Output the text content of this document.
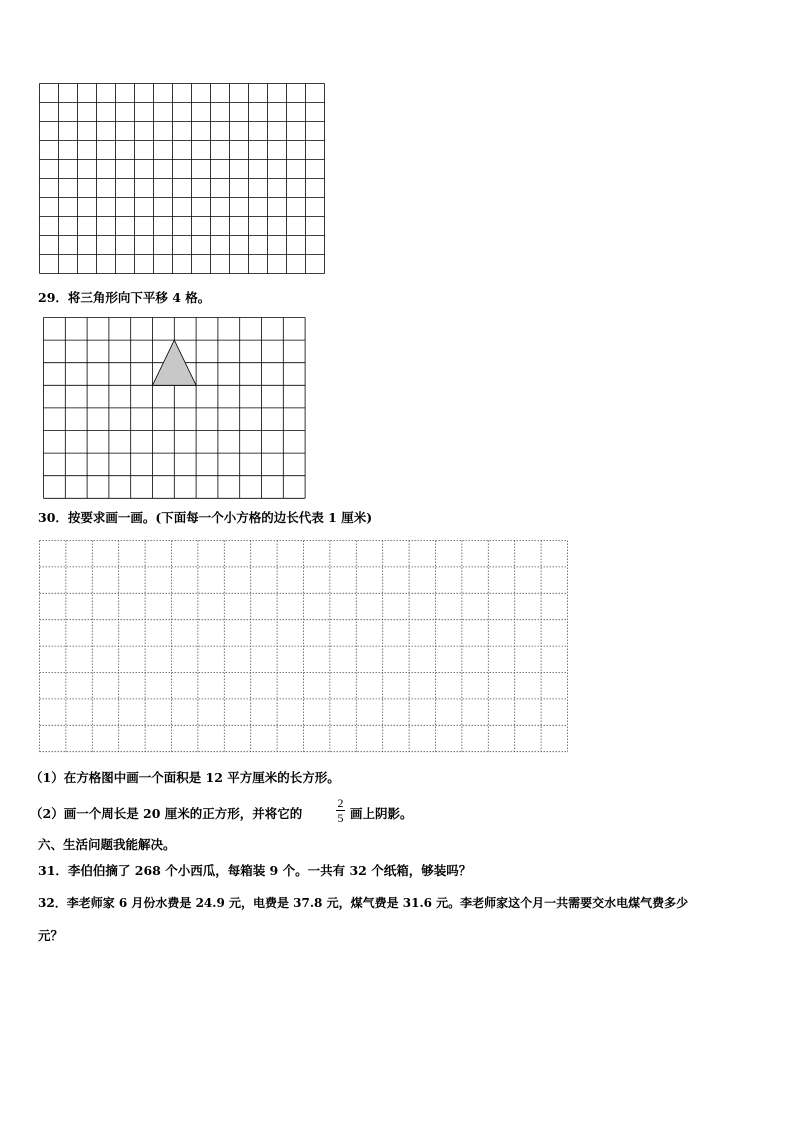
29．将三角形向下平移 4 格。
30．按要求画一画。(下面每一个小方格的边长代表 1 厘米)
（1）在方格图中画一个面积是 12 平方厘米的长方形。
（2）画一个周长是 20 厘米的正方形，并将它的
2
5 画上阴影。
六、生活问题我能解决。
31．李伯伯摘了 268 个小西瓜，每箱装 9 个。一共有 32 个纸箱，够装吗？
32．李老师家 6 月份水费是 24.9 元，电费是 37.8 元，煤气费是 31.6 元。李老师家这个月一共需要交水电煤气费多少
元？
